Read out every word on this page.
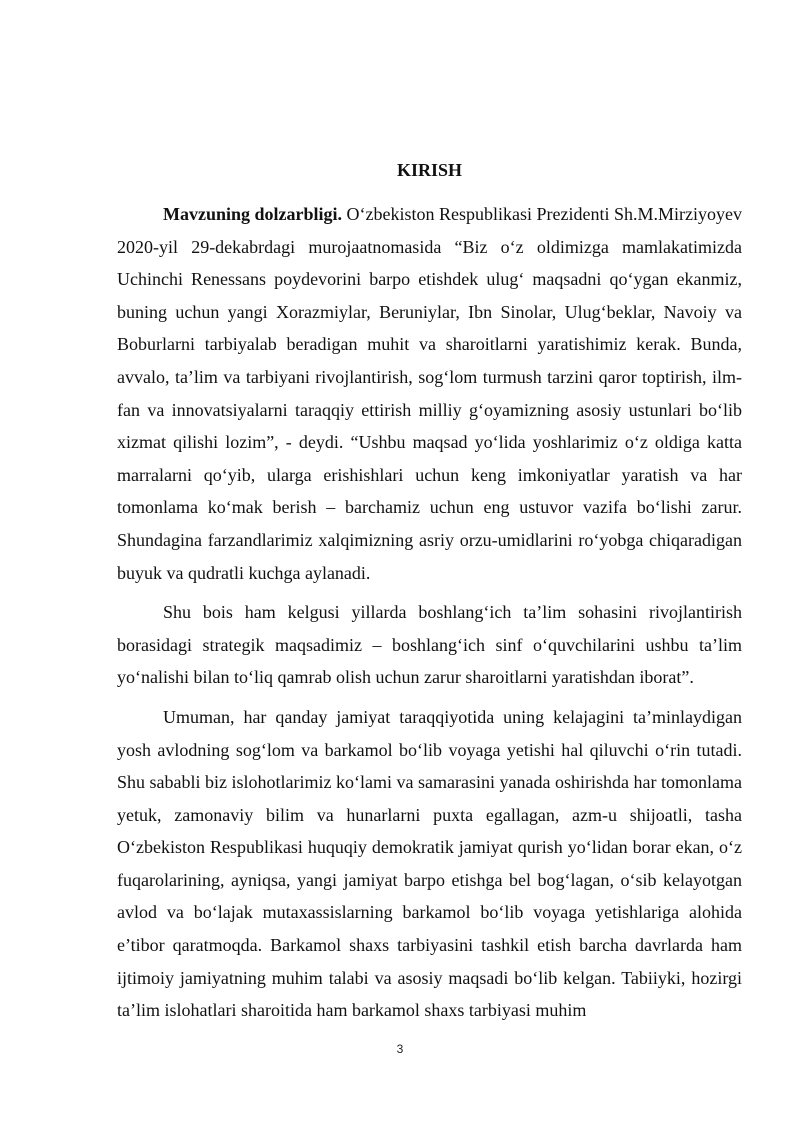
KIRISH

Mavzuning dolzarbligi. O‘zbekiston Respublikasi Prezidenti Sh.M.Mirziyoyev 2020-yil 29-dekabrdagi murojaatnomasida “Biz o‘z oldimizga mamlakatimizda Uchinchi Renessans poydevorini barpo etishdek ulug‘ maqsadni qo‘ygan ekanmiz, buning uchun yangi Xorazmiylar, Beruniylar, Ibn Sinolar, Ulug‘beklar, Navoiy va Boburlarni tarbiyalab beradigan muhit va sharoitlarni yaratishimiz kerak. Bunda, avvalo, ta’lim va tarbiyani rivojlantirish, sog‘lom turmush tarzini qaror toptirish, ilm-fan va innovatsiyalarni taraqqiy ettirish milliy g‘oyamizning asosiy ustunlari bo‘lib xizmat qilishi lozim”, - deydi. “Ushbu maqsad yo‘lida yoshlarimiz o‘z oldiga katta marralarni qo‘yib, ularga erishishlari uchun keng imkoniyatlar yaratish va har tomonlama ko‘mak berish – barchamiz uchun eng ustuvor vazifa bo‘lishi zarur. Shundagina farzandlarimiz xalqimizning asriy orzu-umidlarini ro‘yobga chiqaradigan buyuk va qudratli kuchga aylanadi.

Shu bois ham kelgusi yillarda boshlang‘ich ta’lim sohasini rivojlantirish borasidagi strategik maqsadimiz – boshlang‘ich sinf o‘quvchilarini ushbu ta’lim yo‘nalishi bilan to‘liq qamrab olish uchun zarur sharoitlarni yaratishdan iborat”.

Umuman, har qanday jamiyat taraqqiyotida uning kelajagini ta’minlaydigan yosh avlodning sog‘lom va barkamol bo‘lib voyaga yetishi hal qiluvchi o‘rin tutadi. Shu sababli biz islohotlarimiz ko‘lami va samarasini yanada oshirishda har tomonlama yetuk, zamonaviy bilim va hunarlarni puxta egallagan, azm-u shijoatli, tasha O‘zbekiston Respublikasi huquqiy demokratik jamiyat qurish yo‘lidan borar ekan, o‘z fuqarolarining, ayniqsa, yangi jamiyat barpo etishga bel bog‘lagan, o‘sib kelayotgan avlod va bo‘lajak mutaxassislarning barkamol bo‘lib voyaga yetishlariga alohida e’tibor qaratmoqda. Barkamol shaxs tarbiyasini tashkil etish barcha davrlarda ham ijtimoiy jamiyatning muhim talabi va asosiy maqsadi bo‘lib kelgan. Tabiiyki, hozirgi ta’lim islohatlari sharoitida ham barkamol shaxs tarbiyasi muhim

3
